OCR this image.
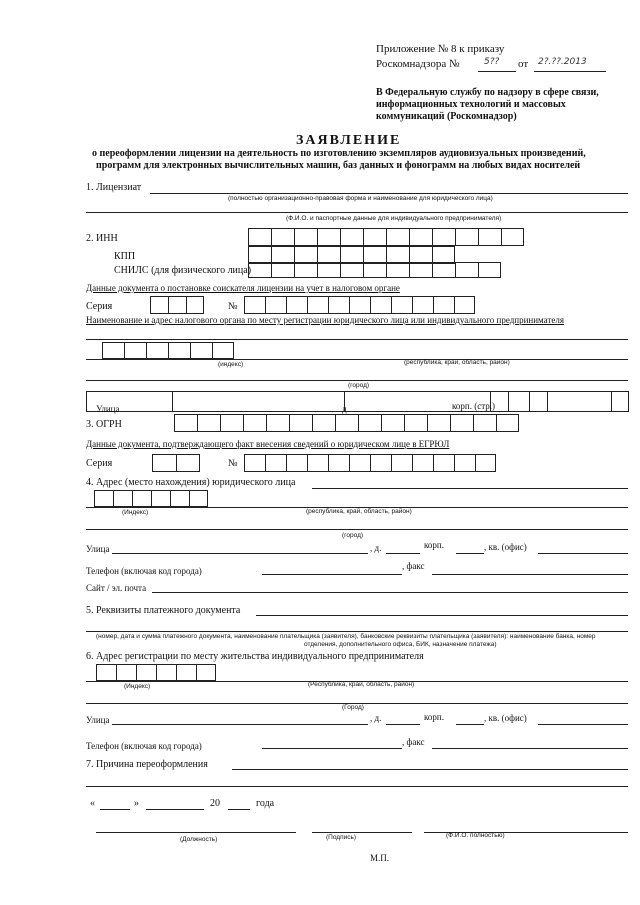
Приложение № 8 к приказу
Роскомнадзора №	5?? от 2?.??.2013
В Федеральную службу по надзору в сфере связи,
информационных технологий и массовых
коммуникаций (Роскомнадзор)
ЗАЯВЛЕНИЕ
о переоформлении лицензии на деятельность по изготовлению экземпляров аудиовизуальных произведений,
программ для электронных вычислительных машин, баз данных и фонограмм на любых видах носителей
1. Лицензиат
(полностью организационно-правовая форма и наименование для юридического лица)
(Ф.И.О. и паспортные данные для индивидуального предпринимателя)
2. ИНН
КПП
СНИЛС (для физического лица)
Данные документа о постановке соискателя лицензии на учет в налоговом органе
Серия	№
Наименование и адрес налогового органа по месту регистрации юридического лица или индивидуального предпринимателя
(индекс)	(республика, край, область, район)
(город)
Улица	д.	корп. (стр.)
3. ОГРН
Данные документа, подтверждающего факт внесения сведений о юридическом лице в ЕГРЮЛ
Серия	№
4. Адрес (место нахождения) юридического лица
(Индекс)	(республика, край, область, район)
(город)
Улица	, д.	корп.	, кв. (офис)
Телефон (включая код города)	, факс
Сайт / эл. почта
5. Реквизиты платежного документа
(номер, дата и сумма платежного документа, наименование плательщика (заявителя), банковские реквизиты плательщика (заявителя): наименование банка, номер
отделения, дополнительного офиса, БИК, назначение платежа)
6. Адрес регистрации по месту жительства индивидуального предпринимателя
(Индекс)	(Республика, край, область, район)
(Город)
Улица	, д.	корп.	, кв. (офис)
Телефон (включая код города)	, факс
7. Причина переоформления
«	»	20	года
(Должность)	(Подпись)	(Ф.И.О. полностью)
М.П.
